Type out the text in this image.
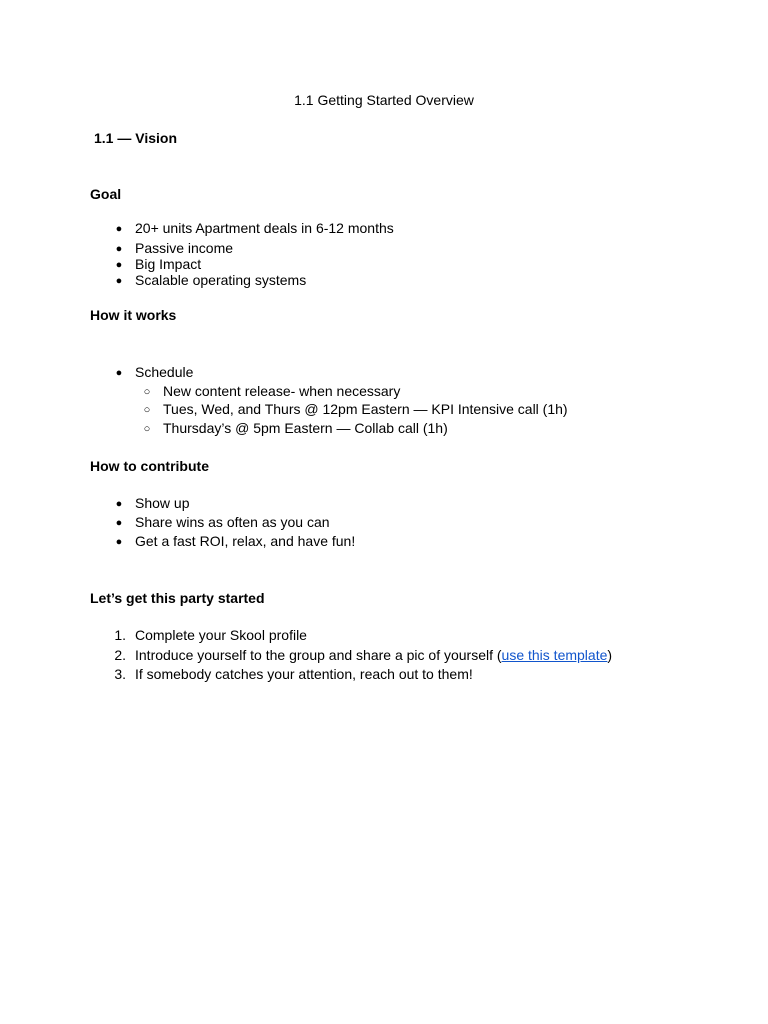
1.1 Getting Started Overview
1.1 — Vision
Goal
● 20+ units Apartment deals in 6-12 months
● Passive income
● Big Impact
● Scalable operating systems
How it works
● Schedule
○ New content release- when necessary
○ Tues, Wed, and Thurs @ 12pm Eastern — KPI Intensive call (1h)
○ Thursday’s @ 5pm Eastern — Collab call (1h)
How to contribute
● Show up
● Share wins as often as you can
● Get a fast ROI, relax, and have fun!
Let’s get this party started
1. Complete your Skool profile
2. Introduce yourself to the group and share a pic of yourself (use this template)
3. If somebody catches your attention, reach out to them!
